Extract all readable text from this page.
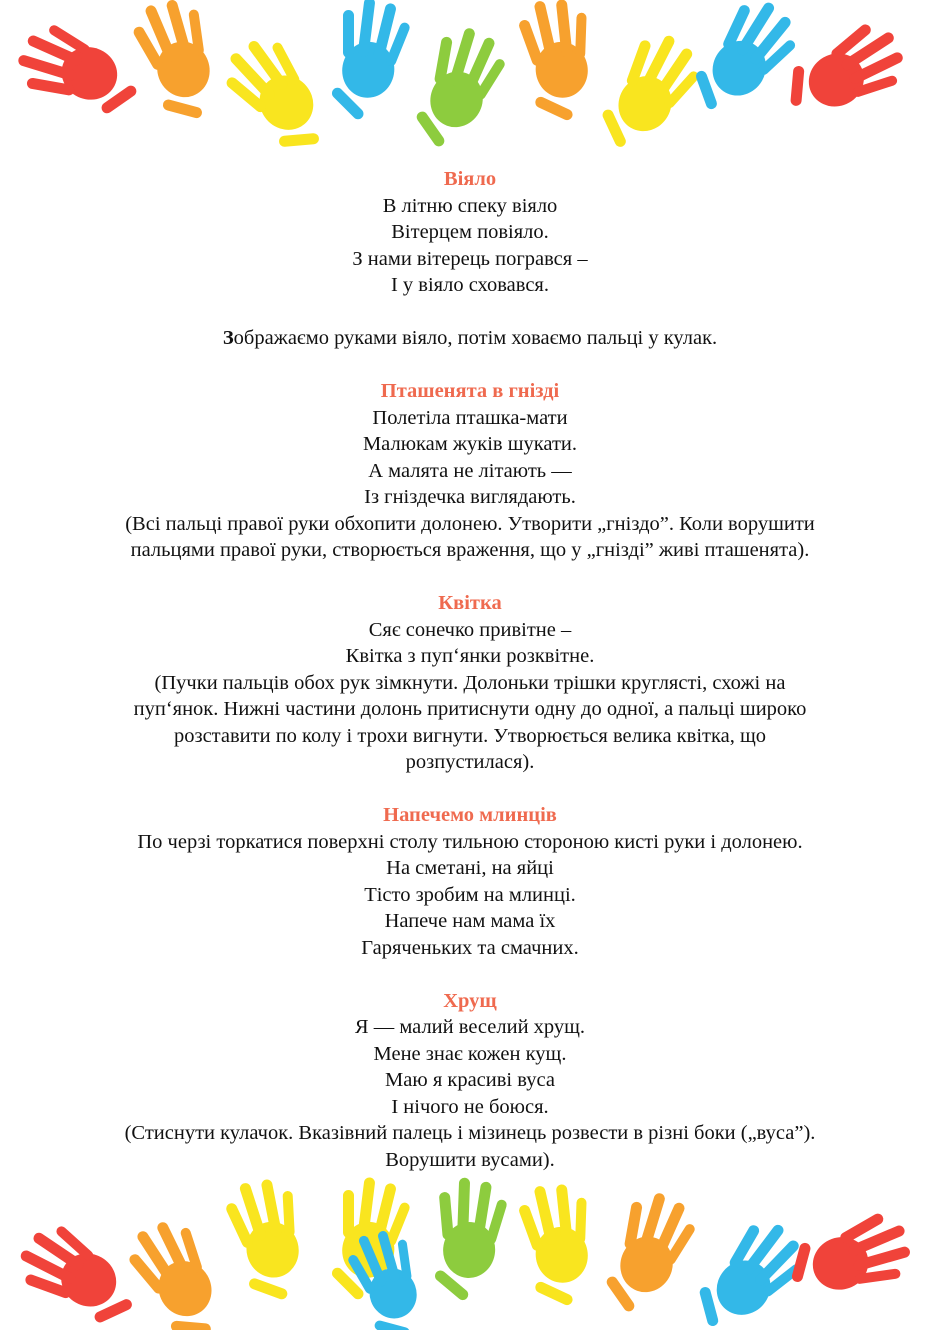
Віяло
В літню спеку віяло
Вітерцем повіяло.
З нами вітерець погрався –
І у віяло сховався.
Зображаємо руками віяло, потім ховаємо пальці у кулак.
Пташенята в гнізді
Полетіла пташка-мати
Малюкам жуків шукати.
А малята не літають —
Із гніздечка виглядають.
(Всі пальці правої руки обхопити долонею. Утворити „гніздо”. Коли ворушити
пальцями правої руки, створюється враження, що у „гнізді” живі пташенята).
Квітка
Сяє сонечко привітне –
Квітка з пуп‘янки розквітне.
(Пучки пальців обох рук зімкнути. Долоньки трішки круглясті, схожі на
пуп‘янок. Нижні частини долонь притиснути одну до одної, а пальці широко
розставити по колу і трохи вигнути. Утворюється велика квітка, що
розпустилася).
Напечемо млинців
По черзі торкатися поверхні столу тильною стороною кисті руки і долонею.
На сметані, на яйці
Тісто зробим на млинці.
Напече нам мама їх
Гаряченьких та смачних.
Хрущ
Я — малий веселий хрущ.
Мене знає кожен кущ.
Маю я красиві вуса
І нічого не боюся.
(Стиснути кулачок. Вказівний палець і мізинець розвести в різні боки („вуса”).
Ворушити вусами).
